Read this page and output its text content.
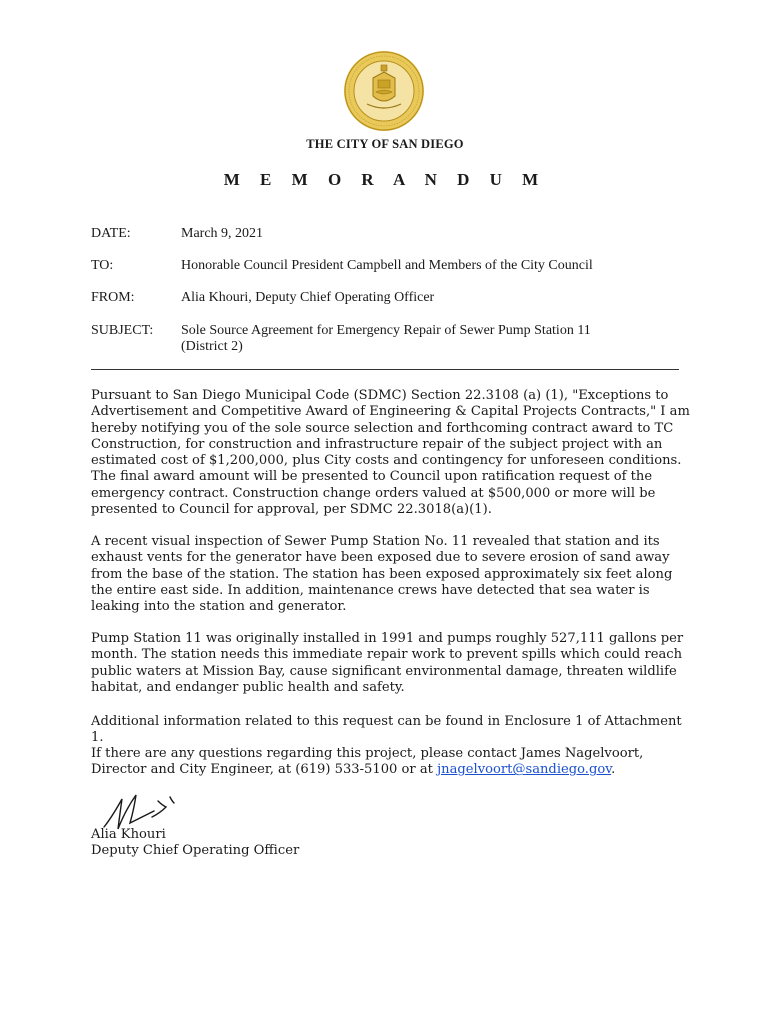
THE CITY OF SAN DIEGO
M E M O R A N D U M
DATE:	March 9, 2021
TO:	Honorable Council President Campbell and Members of the City Council
FROM:	Alia Khouri, Deputy Chief Operating Officer
SUBJECT: Sole Source Agreement for Emergency Repair of Sewer Pump Station 11
(District 2)
Pursuant to San Diego Municipal Code (SDMC) Section 22.3108 (a) (1), "Exceptions to Advertisement and Competitive Award of Engineering & Capital Projects Contracts," I am hereby notifying you of the sole source selection and forthcoming contract award to TC Construction, for construction and infrastructure repair of the subject project with an estimated cost of $1,200,000, plus City costs and contingency for unforeseen conditions. The final award amount will be presented to Council upon ratification request of the emergency contract. Construction change orders valued at $500,000 or more will be presented to Council for approval, per SDMC 22.3018(a)(1).
A recent visual inspection of Sewer Pump Station No. 11 revealed that station and its exhaust vents for the generator have been exposed due to severe erosion of sand away from the base of the station. The station has been exposed approximately six feet along the entire east side. In addition, maintenance crews have detected that sea water is leaking into the station and generator.
Pump Station 11 was originally installed in 1991 and pumps roughly 527,111 gallons per month. The station needs this immediate repair work to prevent spills which could reach public waters at Mission Bay, cause significant environmental damage, threaten wildlife habitat, and endanger public health and safety.
Additional information related to this request can be found in Enclosure 1 of Attachment 1.
If there are any questions regarding this project, please contact James Nagelvoort, Director and City Engineer, at (619) 533-5100 or at jnagelvoort@sandiego.gov.
Alia Khouri
Deputy Chief Operating Officer
